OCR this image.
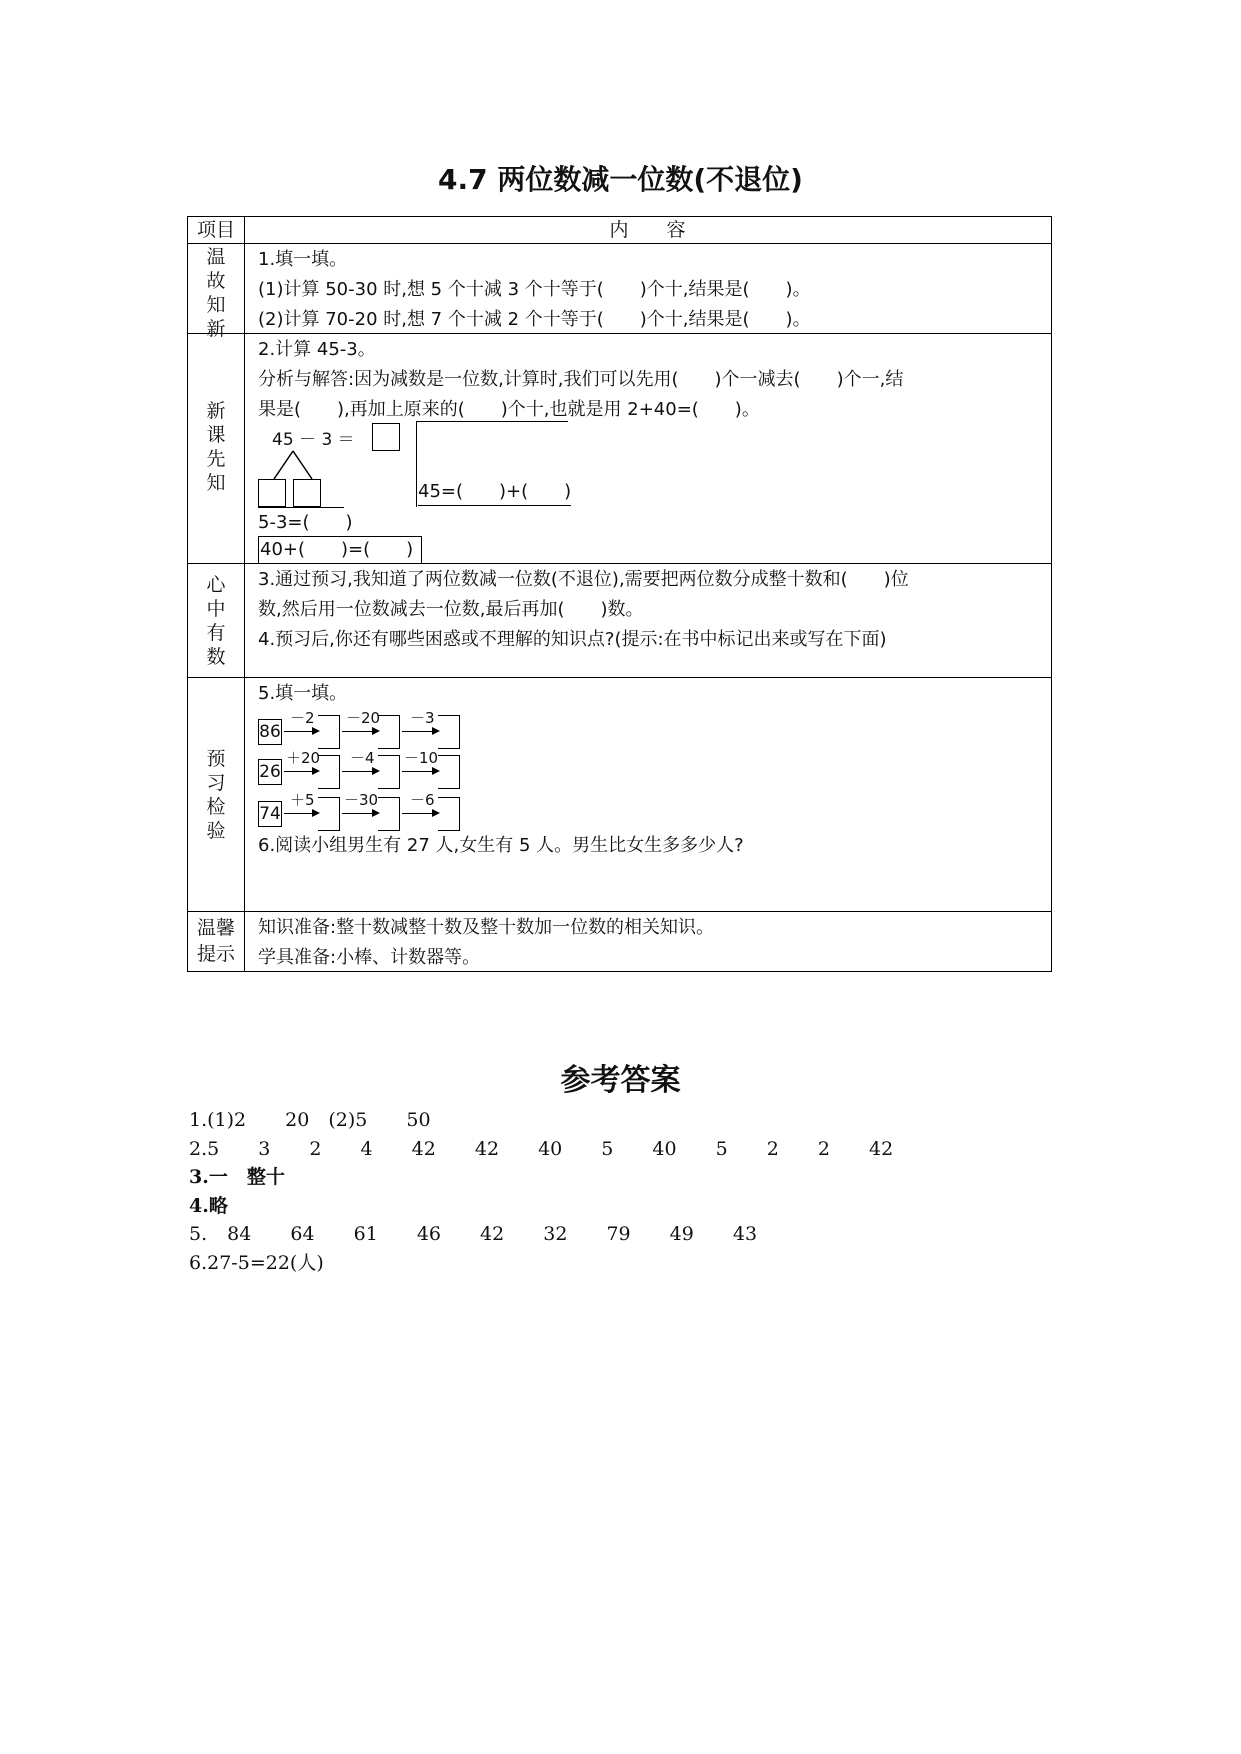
4.7 两位数减一位数(不退位)
项目	内　　容
温
故
知
新
1.填一填。
(1)计算 50-30 时,想 5 个十减 3 个十等于(　　)个十,结果是(　　)。
(2)计算 70-20 时,想 7 个十减 2 个十等于(　　)个十,结果是(　　)。
新
课
先
知
2.计算 45-3。
分析与解答:因为减数是一位数,计算时,我们可以先用(　　)个一减去(　　)个一,结
果是(　　),再加上原来的(　　)个十,也就是用 2+40=(　　)。
45 － 3 ＝
5-3=(　　)
40+(　　)=(　　)
45=(　　)+(　　)
心
中
有
数
3.通过预习,我知道了两位数减一位数(不退位),需要把两位数分成整十数和(　　)位
数,然后用一位数减去一位数,最后再加(　　)数。
4.预习后,你还有哪些困惑或不理解的知识点?(提示:在书中标记出来或写在下面)
预
习
检
验
5.填一填。
86
－2 －20 －3
26
＋20 －4 －10
74
＋5 －30 －6
6.阅读小组男生有 27 人,女生有 5 人。男生比女生多多少人?
温馨
提示
知识准备:整十数减整十数及整十数加一位数的相关知识。
学具准备:小棒、计数器等。
参考答案
1.(1)2　 20　(2)5　 50
2.5　 3　 2　 4　 42　 42　 40　 5　 40　 5　 2　 2　 42
3.一　整十
4.略
5. 84　 64　 61　 46　 42　 32　 79　 49　 43
6.27-5=22(人)
